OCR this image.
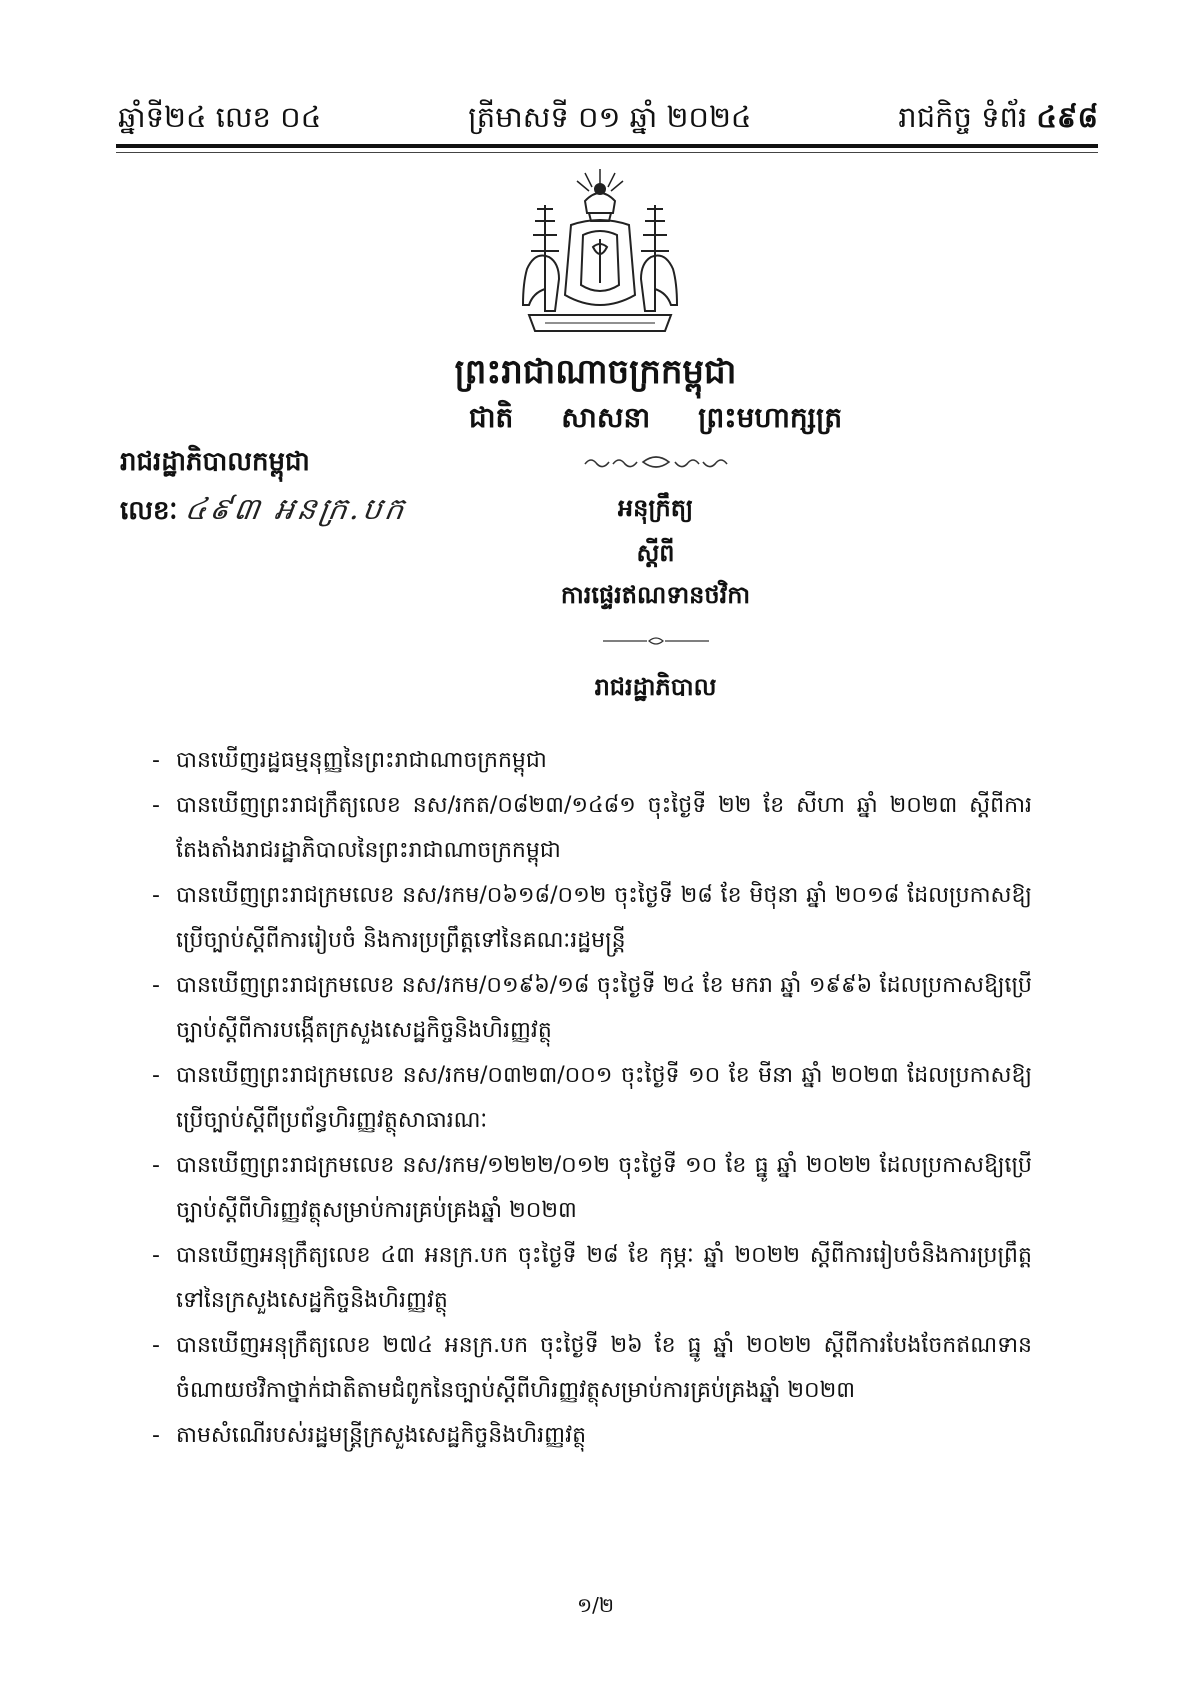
ឆ្នាំទី២៤ លេខ ០៤	ត្រីមាសទី ០១ ឆ្នាំ ២០២៤	រាជកិច្ច ទំព័រ ៤៩៨
ព្រះរាជាណាចក្រកម្ពុជា
ជាតិ សាសនា ព្រះមហាក្សត្រ
រាជរដ្ឋាភិបាលកម្ពុជា
លេខៈ ៤៩៣ អនក្រ.បក	អនុក្រឹត្យ
ស្តីពី
ការផ្ទេរឥណទានថវិកា
រាជរដ្ឋាភិបាល
- បានឃើញរដ្ឋធម្មនុញ្ញនៃព្រះរាជាណាចក្រកម្ពុជា
- បានឃើញព្រះរាជក្រឹត្យលេខ នស/រកត/០៨២៣/១៤៨១ ចុះថ្ងៃទី ២២ ខែ សីហា ឆ្នាំ ២០២៣ ស្តីពីការតែងតាំងរាជរដ្ឋាភិបាលនៃព្រះរាជាណាចក្រកម្ពុជា
- បានឃើញព្រះរាជក្រមលេខ នស/រកម/០៦១៨/០១២ ចុះថ្ងៃទី ២៨ ខែ មិថុនា ឆ្នាំ ២០១៨ ដែលប្រកាសឱ្យប្រើច្បាប់ស្តីពីការរៀបចំ និងការប្រព្រឹត្តទៅនៃគណៈរដ្ឋមន្ត្រី
- បានឃើញព្រះរាជក្រមលេខ នស/រកម/០១៩៦/១៨ ចុះថ្ងៃទី ២៤ ខែ មករា ឆ្នាំ ១៩៩៦ ដែលប្រកាសឱ្យប្រើច្បាប់ស្តីពីការបង្កើតក្រសួងសេដ្ឋកិច្ចនិងហិរញ្ញវត្ថុ
- បានឃើញព្រះរាជក្រមលេខ នស/រកម/០៣២៣/០០១ ចុះថ្ងៃទី ១០ ខែ មីនា ឆ្នាំ ២០២៣ ដែលប្រកាសឱ្យប្រើច្បាប់ស្តីពីប្រព័ន្ធហិរញ្ញវត្ថុសាធារណៈ
- បានឃើញព្រះរាជក្រមលេខ នស/រកម/១២២២/០១២ ចុះថ្ងៃទី ១០ ខែ ធ្នូ ឆ្នាំ ២០២២ ដែលប្រកាសឱ្យប្រើច្បាប់ស្តីពីហិរញ្ញវត្ថុសម្រាប់ការគ្រប់គ្រងឆ្នាំ ២០២៣
- បានឃើញអនុក្រឹត្យលេខ ៤៣ អនក្រ.បក ចុះថ្ងៃទី ២៨ ខែ កុម្ភៈ ឆ្នាំ ២០២២ ស្តីពីការរៀបចំនិងការប្រព្រឹត្តទៅនៃក្រសួងសេដ្ឋកិច្ចនិងហិរញ្ញវត្ថុ
- បានឃើញអនុក្រឹត្យលេខ ២៧៤ អនក្រ.បក ចុះថ្ងៃទី ២៦ ខែ ធ្នូ ឆ្នាំ ២០២២ ស្តីពីការបែងចែកឥណទានចំណាយថវិកាថ្នាក់ជាតិតាមជំពូកនៃច្បាប់ស្តីពីហិរញ្ញវត្ថុសម្រាប់ការគ្រប់គ្រងឆ្នាំ ២០២៣
- តាមសំណើរបស់រដ្ឋមន្ត្រីក្រសួងសេដ្ឋកិច្ចនិងហិរញ្ញវត្ថុ
១/២
